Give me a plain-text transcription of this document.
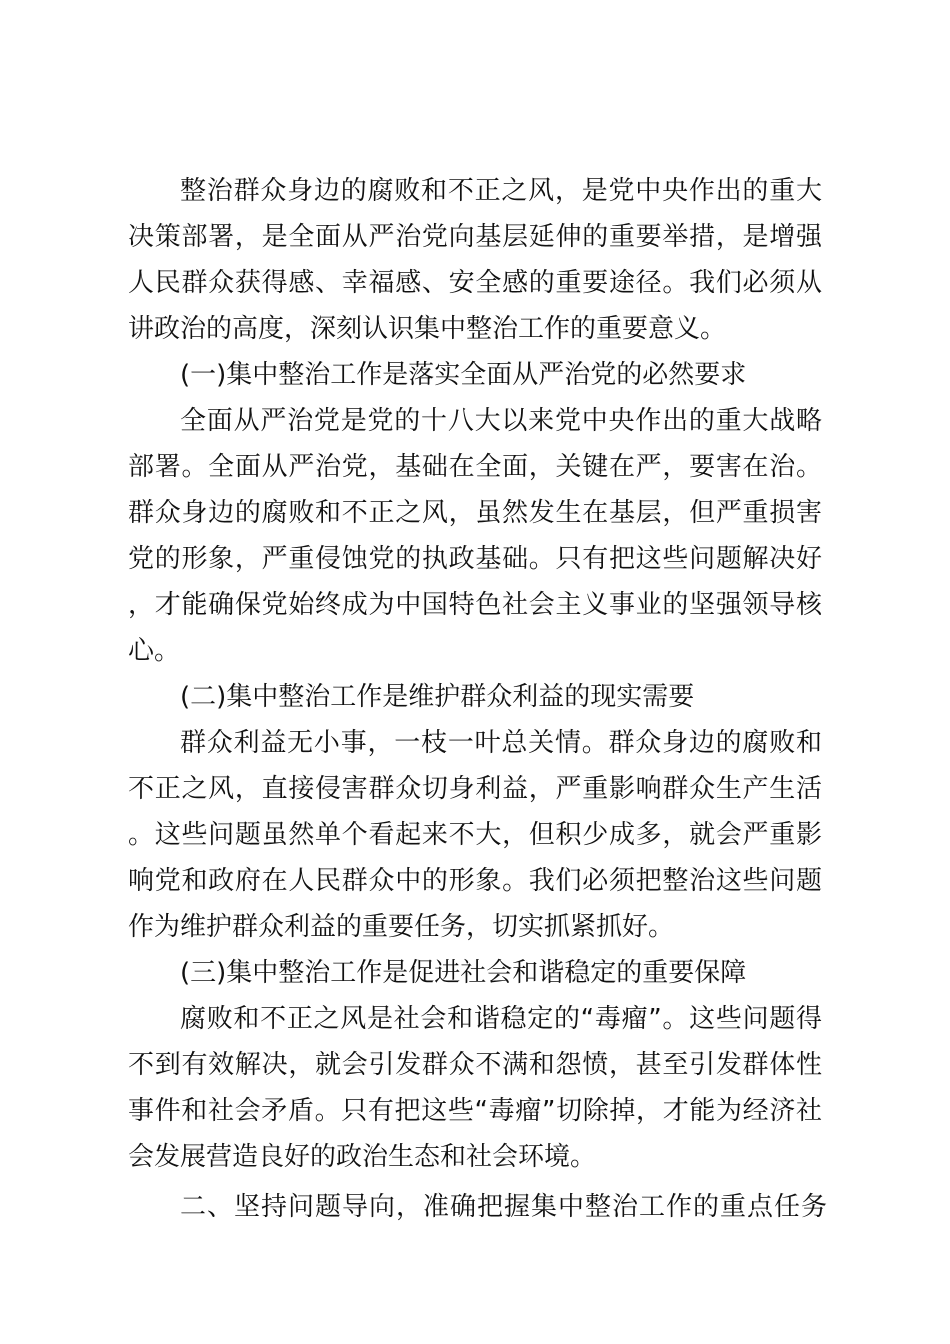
整治群众身边的腐败和不正之风，是党中央作出的重大决策部署，是全面从严治党向基层延伸的重要举措，是增强人民群众获得感、幸福感、安全感的重要途径。我们必须从讲政治的高度，深刻认识集中整治工作的重要意义。

(一)集中整治工作是落实全面从严治党的必然要求

全面从严治党是党的十八大以来党中央作出的重大战略部署。全面从严治党，基础在全面，关键在严，要害在治。群众身边的腐败和不正之风，虽然发生在基层，但严重损害党的形象，严重侵蚀党的执政基础。只有把这些问题解决好，才能确保党始终成为中国特色社会主义事业的坚强领导核心。

(二)集中整治工作是维护群众利益的现实需要

群众利益无小事，一枝一叶总关情。群众身边的腐败和不正之风，直接侵害群众切身利益，严重影响群众生产生活。这些问题虽然单个看起来不大，但积少成多，就会严重影响党和政府在人民群众中的形象。我们必须把整治这些问题作为维护群众利益的重要任务，切实抓紧抓好。

(三)集中整治工作是促进社会和谐稳定的重要保障

腐败和不正之风是社会和谐稳定的“毒瘤”。这些问题得不到有效解决，就会引发群众不满和怨愤，甚至引发群体性事件和社会矛盾。只有把这些“毒瘤”切除掉，才能为经济社会发展营造良好的政治生态和社会环境。

二、坚持问题导向，准确把握集中整治工作的重点任务
